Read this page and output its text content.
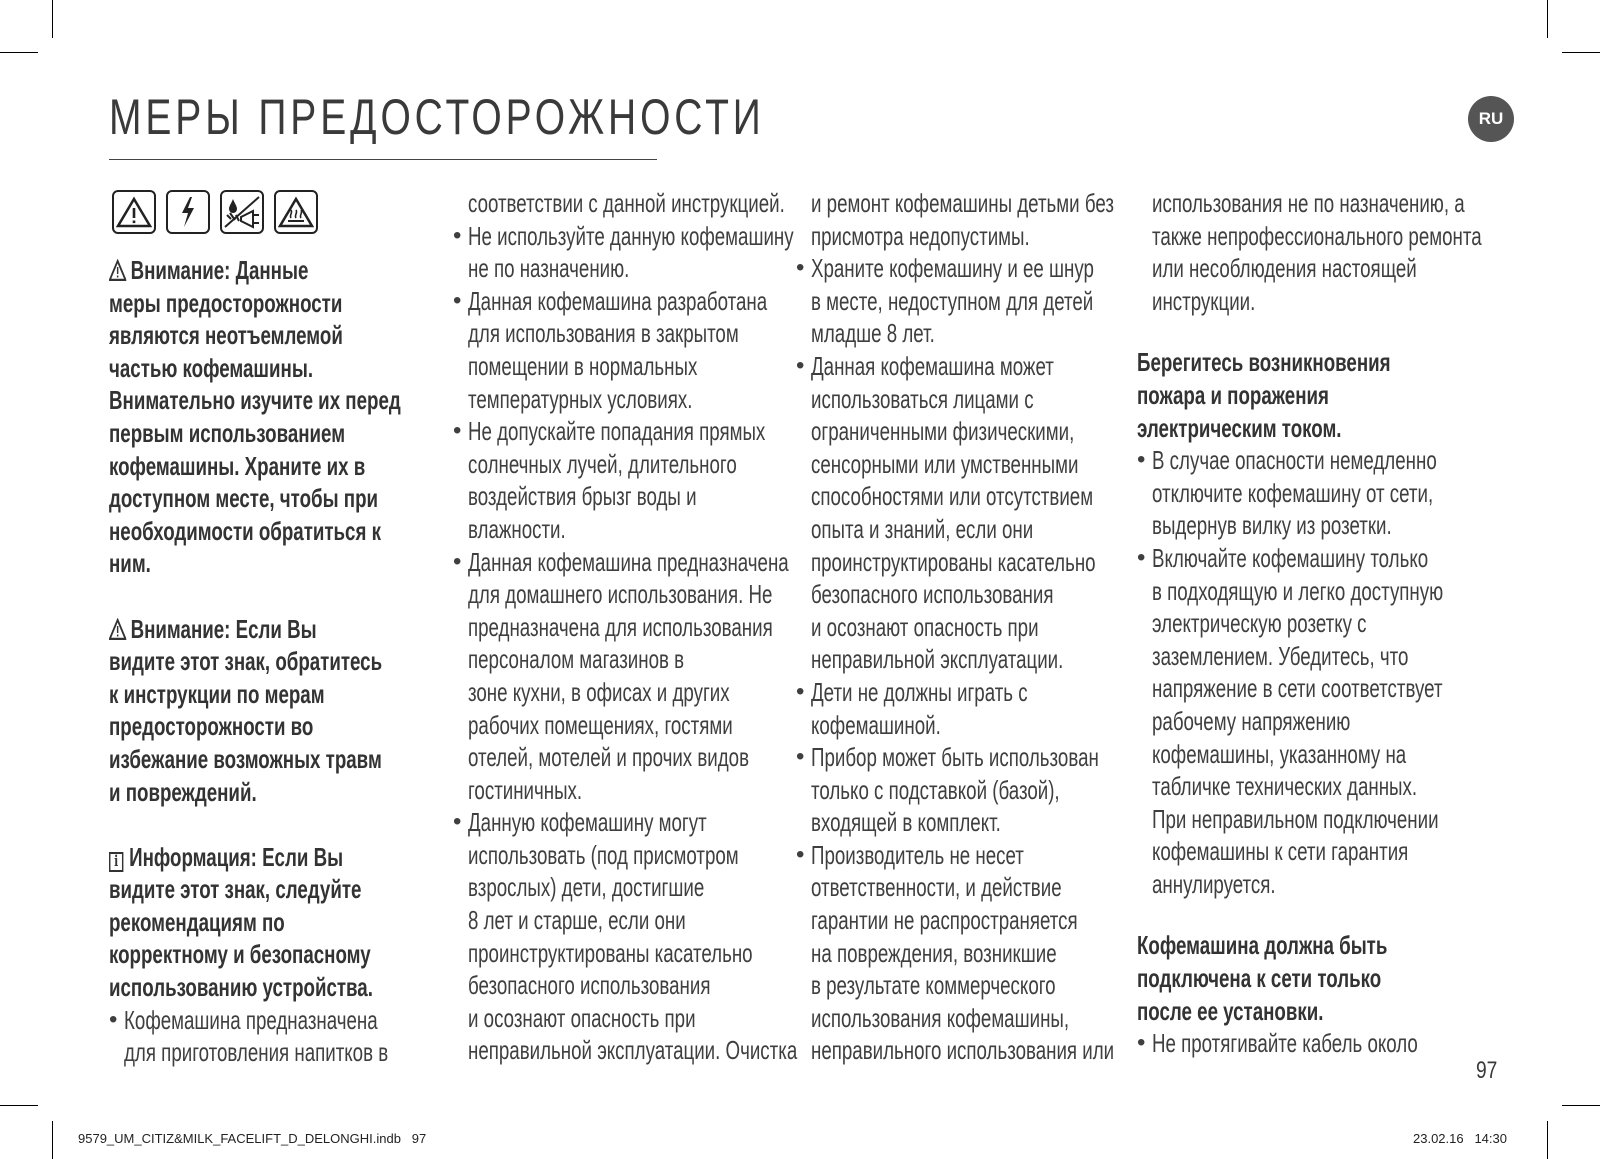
МЕРЫ ПРЕДОСТОРОЖНОСТИ	RU

Внимание: Данные
меры предосторожности
являются неотъемлемой
частью кофемашины.
Внимательно изучите их перед
первым использованием
кофемашины. Храните их в
доступном месте, чтобы при
необходимости обратиться к
ним.

Внимание: Если Вы
видите этот знак, обратитесь
к инструкции по мерам
предосторожности во
избежание возможных травм
и повреждений.

i Информация: Если Вы
видите этот знак, следуйте
рекомендациям по
корректному и безопасному
использованию устройства.

• Кофемашина предназначена
для приготовления напитков в
соответствии с данной инструкцией.
• Не используйте данную кофемашину
не по назначению.
• Данная кофемашина разработана
для использования в закрытом
помещении в нормальных
температурных условиях.
• Не допускайте попадания прямых
солнечных лучей, длительного
воздействия брызг воды и
влажности.
• Данная кофемашина предназначена
для домашнего использования. Не
предназначена для использования
персоналом магазинов в
зоне кухни, в офисах и других
рабочих помещениях, гостями
отелей, мотелей и прочих видов
гостиничных.
• Данную кофемашину могут
использовать (под присмотром
взрослых) дети, достигшие
8 лет и старше, если они
проинструктированы касательно
безопасного использования
и осознают опасность при
неправильной эксплуатации. Очистка
и ремонт кофемашины детьми без
присмотра недопустимы.
• Храните кофемашину и ее шнур
в месте, недоступном для детей
младше 8 лет.
• Данная кофемашина может
использоваться лицами с
ограниченными физическими,
сенсорными или умственными
способностями или отсутствием
опыта и знаний, если они
проинструктированы касательно
безопасного использования
и осознают опасность при
неправильной эксплуатации.
• Дети не должны играть с
кофемашиной.
• Прибор может быть использован
только с подставкой (базой),
входящей в комплект.
• Производитель не несет
ответственности, и действие
гарантии не распространяется
на повреждения, возникшие
в результате коммерческого
использования кофемашины,
неправильного использования или
использования не по назначению, а
также непрофессионального ремонта
или несоблюдения настоящей
инструкции.

Берегитесь возникновения
пожара и поражения
электрическим током.

• В случае опасности немедленно
отключите кофемашину от сети,
выдернув вилку из розетки.
• Включайте кофемашину только
в подходящую и легко доступную
электрическую розетку с
заземлением. Убедитесь, что
напряжение в сети соответствует
рабочему напряжению
кофемашины, указанному на
табличке технических данных.
При неправильном подключении
кофемашины к сети гарантия
аннулируется.

Кофемашина должна быть
подключена к сети только
после ее установки.

• Не протягивайте кабель около
97
9579_UM_CITIZ&MILK_FACELIFT_D_DELONGHI.indb   97	23.02.16   14:30
